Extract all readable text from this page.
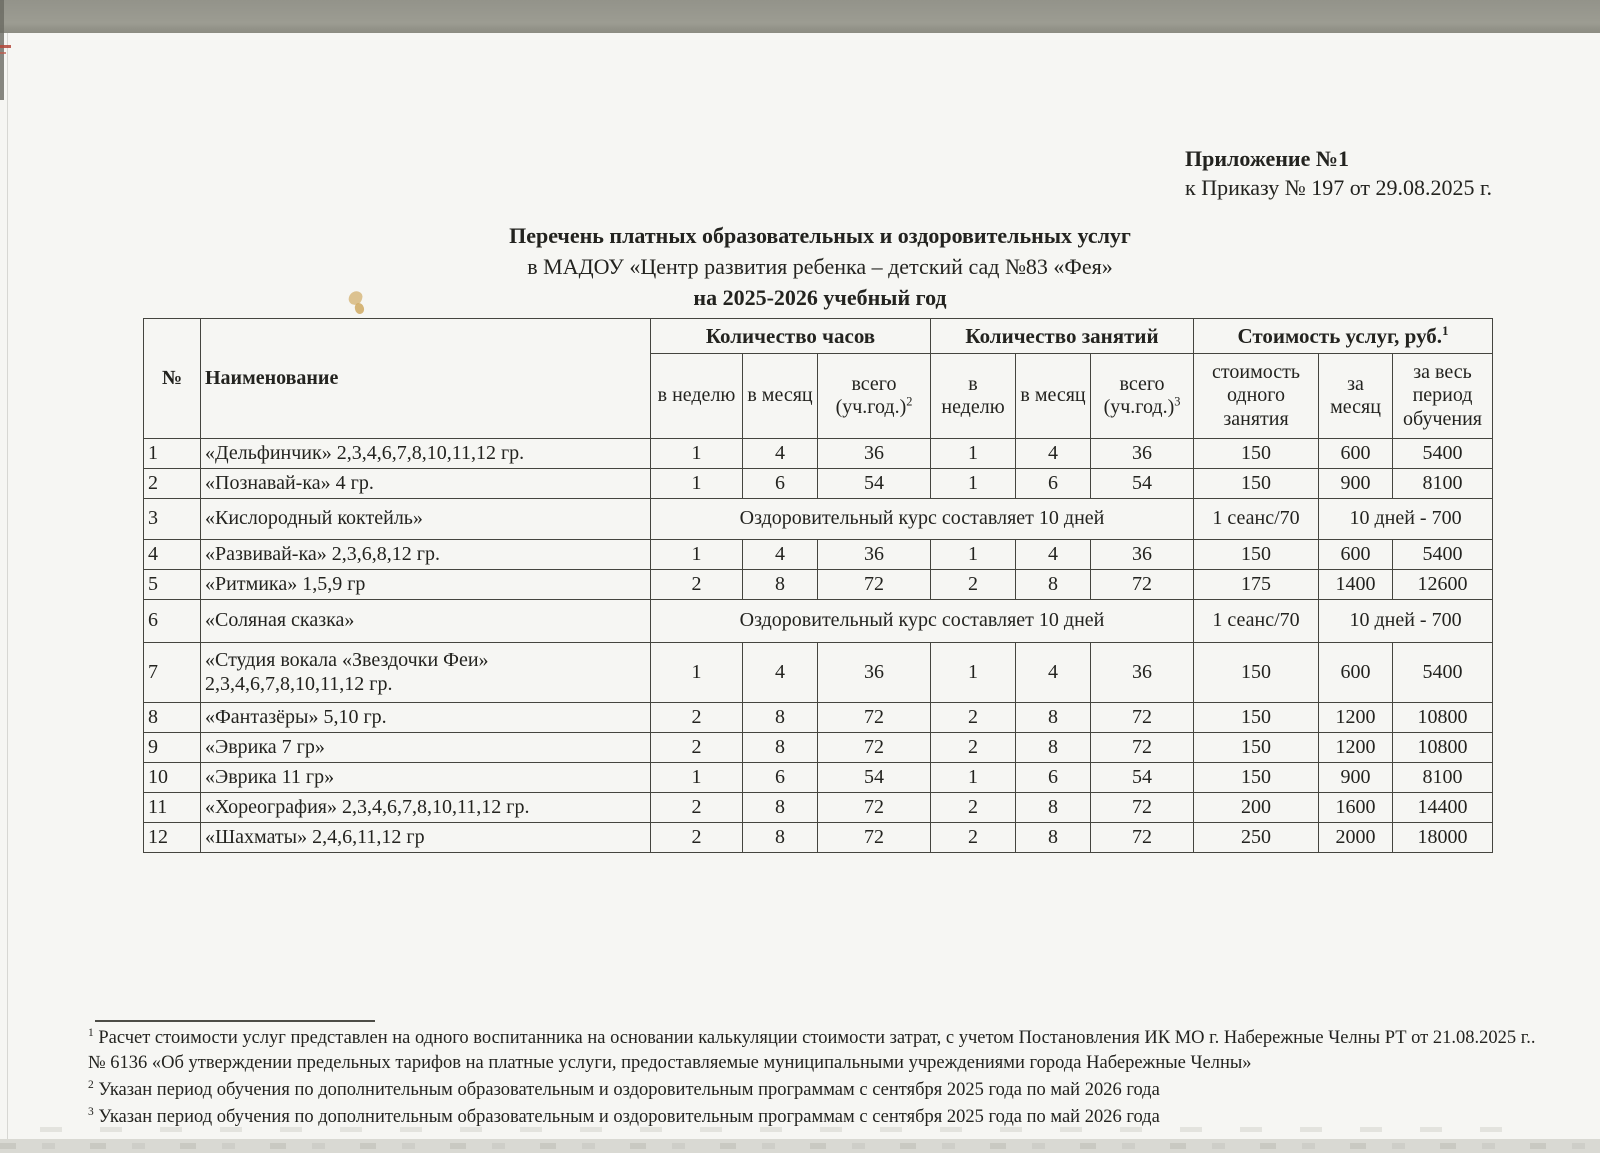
Приложение №1
к Приказу № 197 от 29.08.2025 г.
Перечень платных образовательных и оздоровительных услуг
в МАДОУ «Центр развития ребенка – детский сад №83 «Фея»
на 2025-2026 учебный год
№	Наименование	Количество часов			Количество занятий			Стоимость услуг, руб.$^1$
		в неделю	в месяц	всего $(уч.год.)^2$	в неделю	в месяц	всего $(уч.год.)^3$	стоимость одного занятия	за месяц	за весь период обучения
1	«Дельфинчик» 2,3,4,6,7,8,10,11,12 гр.	1	4	36	1	4	36	150	600	5400
2	«Познавай-ка» 4 гр.	1	6	54	1	6	54	150	900	8100
3	«Кислородный коктейль»	Оздоровительный курс составляет 10 дней						1 сеанс/70	10 дней - 700	
4	«Развивай-ка» 2,3,6,8,12 гр.	1	4	36	1	4	36	150	600	5400
5	«Ритмика» 1,5,9 гр	2	8	72	2	8	72	175	1400	12600
6	«Соляная сказка»	Оздоровительный курс составляет 10 дней						1 сеанс/70	10 дней - 700	
7	«Студия вокала «Звездочки Феи» 2,3,4,6,7,8,10,11,12 гр.	1	4	36	1	4	36	150	600	5400
8	«Фантазёры» 5,10 гр.	2	8	72	2	8	72	150	1200	10800
9	«Эврика 7 гр»	2	8	72	2	8	72	150	1200	10800
10	«Эврика 11 гр»	1	6	54	1	6	54	150	900	8100
11	«Хореография» 2,3,4,6,7,8,10,11,12 гр.	2	8	72	2	8	72	200	1600	14400
12	«Шахматы» 2,4,6,11,12 гр	2	8	72	2	8	72	250	2000	18000
$^1$ Расчет стоимости услуг представлен на одного воспитанника на основании калькуляции стоимости затрат, с учетом Постановления ИК МО г. Набережные Челны РТ от 21.08.2025 г.. № 6136 «Об утверждении предельных тарифов на платные услуги, предоставляемые муниципальными учреждениями города Набережные Челны»
$^2$ Указан период обучения по дополнительным образовательным и оздоровительным программам с сентября 2025 года по май 2026 года
$^3$ Указан период обучения по дополнительным образовательным и оздоровительным программам с сентября 2025 года по май 2026 года
